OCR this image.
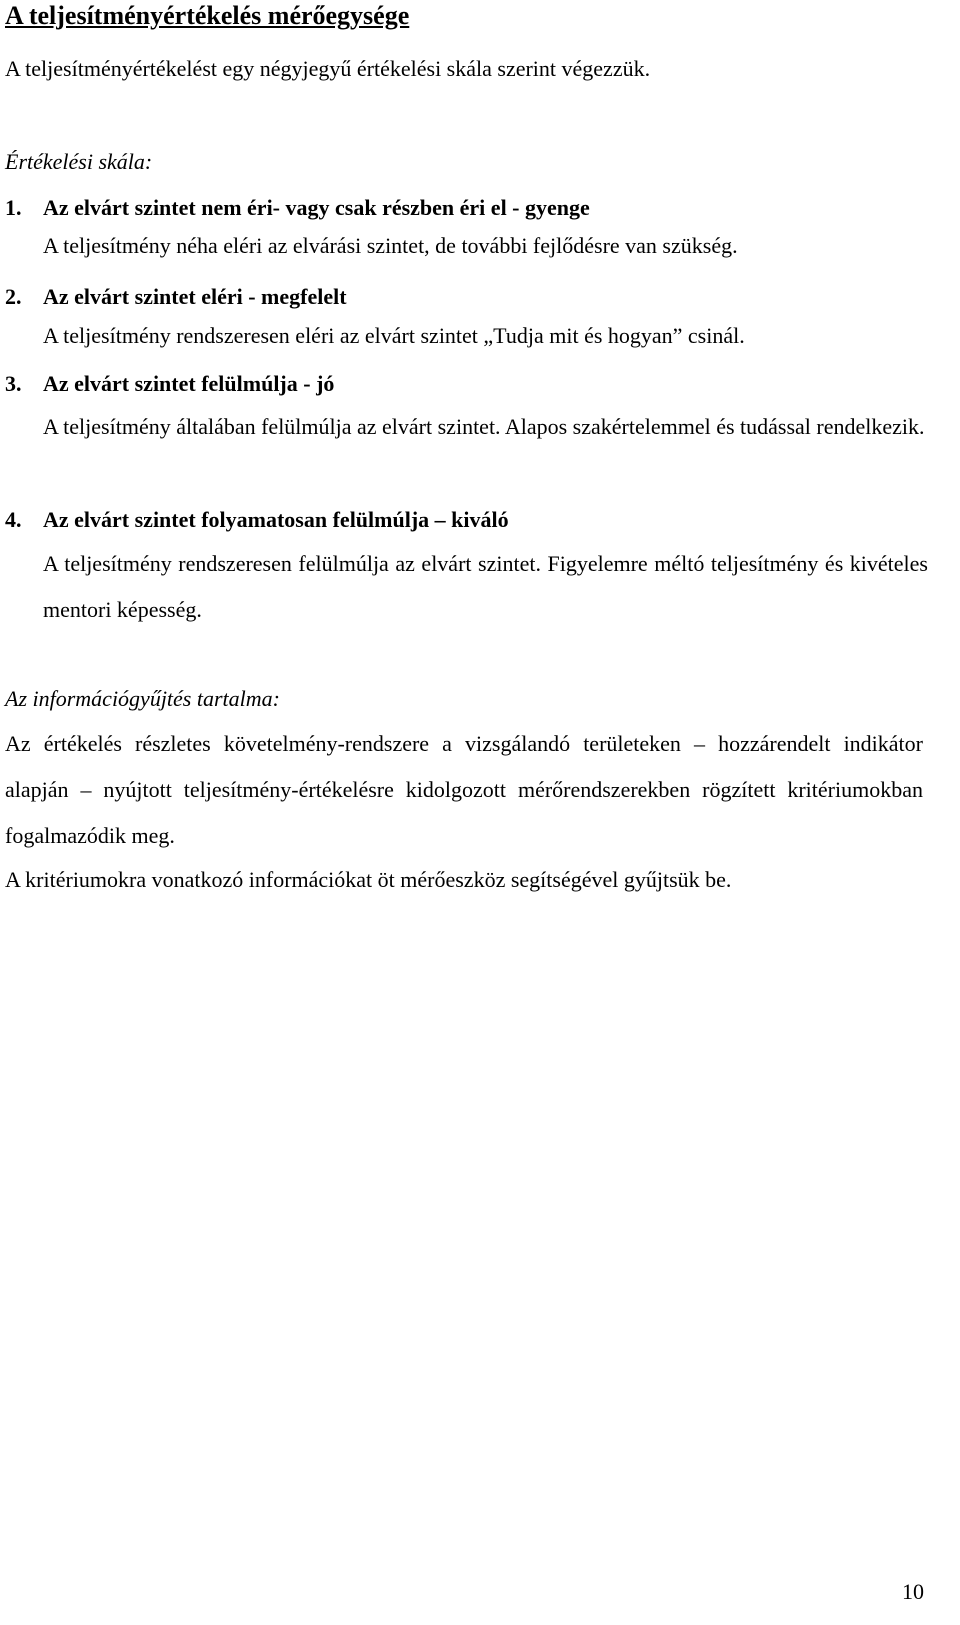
A teljesítményértékelés mérőegysége
A teljesítményértékelést egy négyjegyű értékelési skála szerint végezzük.
Értékelési skála:
1. Az elvárt szintet nem éri- vagy csak részben éri el - gyenge
A teljesítmény néha eléri az elvárási szintet, de további fejlődésre van szükség.
2. Az elvárt szintet eléri - megfelelt
A teljesítmény rendszeresen eléri az elvárt szintet „Tudja mit és hogyan” csinál.
3. Az elvárt szintet felülmúlja - jó
A teljesítmény általában felülmúlja az elvárt szintet. Alapos szakértelemmel és tudással rendelkezik.
4. Az elvárt szintet folyamatosan felülmúlja – kiváló
A teljesítmény rendszeresen felülmúlja az elvárt szintet. Figyelemre méltó teljesítmény és kivételes mentori képesség.
Az információgyűjtés tartalma:

Az értékelés részletes követelmény-rendszere a vizsgálandó területeken – hozzárendelt indikátor alapján – nyújtott teljesítmény-értékelésre kidolgozott mérőrendszerekben rögzített kritériumokban fogalmazódik meg.

A kritériumokra vonatkozó információkat öt mérőeszköz segítségével gyűjtsük be.

10
